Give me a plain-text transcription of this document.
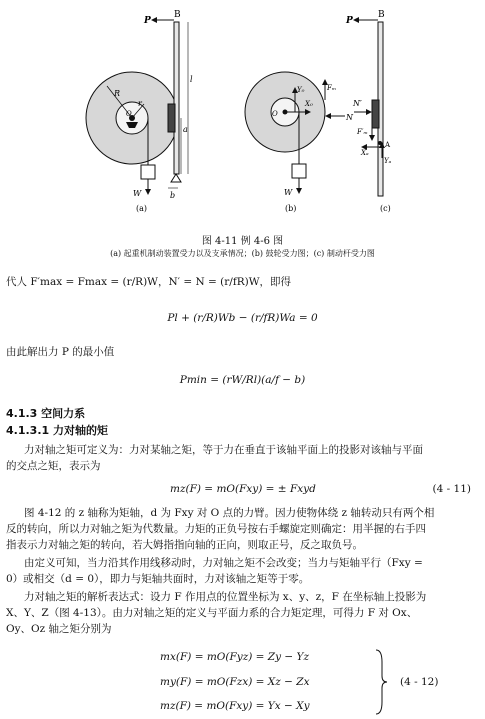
P
B
R
r
O
l
a
b
W
(a)
Fₘ
Y₀
X₀
O	N
W
(b)
P
B
N′
F′ₘ
A
Xₐ
Yₐ
(c)
图 4-11 例 4-6 图
(a) 起重机制动装置受力以及支承情况；(b) 鼓轮受力图；(c) 制动杆受力图
代人 F′max = Fmax = (r/R)W，N′ = N = (r/fR)W，即得
Pl + (r/R)Wb − (r/fR)Wa = 0
由此解出力 P 的最小值
Pmin = (rW/Rl)(a/f − b)
4.1.3 空间力系
4.1.3.1 力对轴的矩
力对轴之矩可定义为：力对某轴之矩，等于力在垂直于该轴平面上的投影对该轴与平面
的交点之矩，表示为
mz(F) = mO(Fxy) = ± Fxyd	(4 - 11)
图 4-12 的 z 轴称为矩轴，d 为 Fxy 对 O 点的力臂。因力使物体绕 z 轴转动只有两个相
反的转向，所以力对轴之矩为代数量。力矩的正负号按右手螺旋定则确定：用半握的右手四
指表示力对轴之矩的转向，若大姆指指向轴的正向，则取正号，反之取负号。
由定义可知，当力沿其作用线移动时，力对轴之矩不会改变；当力与矩轴平行（Fxy =
0）或相交（d = 0），即力与矩轴共面时，力对该轴之矩等于零。
力对轴之矩的解析表达式：设力 F 作用点的位置坐标为 x、y、z，F 在坐标轴上投影为
X、Y、Z（图 4-13）。由力对轴之矩的定义与平面力系的合力矩定理，可得力 F 对 Ox、
Oy、Oz 轴之矩分别为
mx(F) = mO(Fyz) = Zy − Yz
my(F) = mO(Fzx) = Xz − Zx
mz(F) = mO(Fxy) = Yx − Xy
(4 - 12)
